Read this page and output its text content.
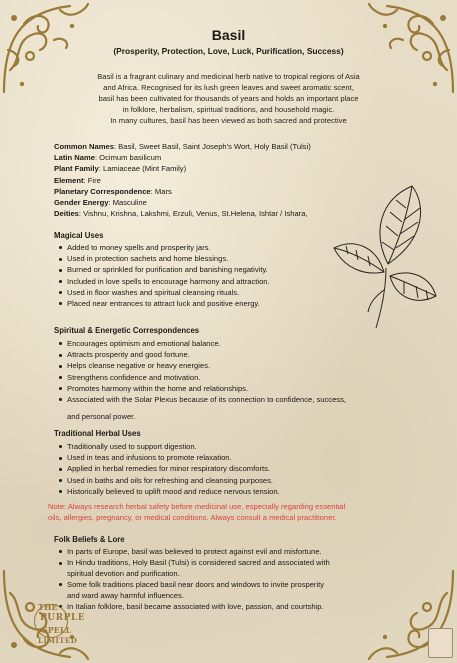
Basil
(Prosperity, Protection, Love, Luck, Purification, Success)
Basil is a fragrant culinary and medicinal herb native to tropical regions of Asia
and Africa. Recognised for its lush green leaves and sweet aromatic scent,
basil has been cultivated for thousands of years and holds an important place
in folklore, herbalism, spiritual traditions, and household magic.
In many cultures, basil has been viewed as both sacred and protective
Common Names: Basil, Sweet Basil, Saint Joseph's Wort, Holy Basil (Tulsi)
Latin Name: Ocimum basilicum
Plant Family: Lamiaceae (Mint Family)
Element: Fire
Planetary Correspondence: Mars
Gender Energy: Masculine
Deities: Vishnu, Krishna, Lakshmi, Erzuli, Venus, St.Helena, Ishtar / Ishara,
Magical Uses
Added to money spells and prosperity jars.
Used in protection sachets and home blessings.
Burned or sprinkled for purification and banishing negativity.
Included in love spells to encourage harmony and attraction.
Used in floor washes and spiritual cleansing rituals.
Placed near entrances to attract luck and positive energy.
Spiritual & Energetic Correspondences
Encourages optimism and emotional balance.
Attracts prosperity and good fortune.
Helps cleanse negative or heavy energies.
Strengthens confidence and motivation.
Promotes harmony within the home and relationships.
Associated with the Solar Plexus because of its connection to confidence, success,
and personal power.
Traditional Herbal Uses
Traditionally used to support digestion.
Used in teas and infusions to promote relaxation.
Applied in herbal remedies for minor respiratory discomforts.
Used in baths and oils for refreshing and cleansing purposes.
Historically believed to uplift mood and reduce nervous tension.
Note: Always research herbal safety before medicinal use, especially regarding essential
oils, allergies, pregnancy, or medical conditions. Always consult a medical practitioner.
Folk Beliefs & Lore
In parts of Europe, basil was believed to protect against evil and misfortune.
In Hindu traditions, Holy Basil (Tulsi) is considered sacred and associated with
spiritual devotion and purification.
Some folk traditions placed basil near doors and windows to invite prosperity
and ward away harmful influences.
In Italian folklore, basil became associated with love, passion, and courtship.
THE
PURPLE
SPELL
LIMITED
